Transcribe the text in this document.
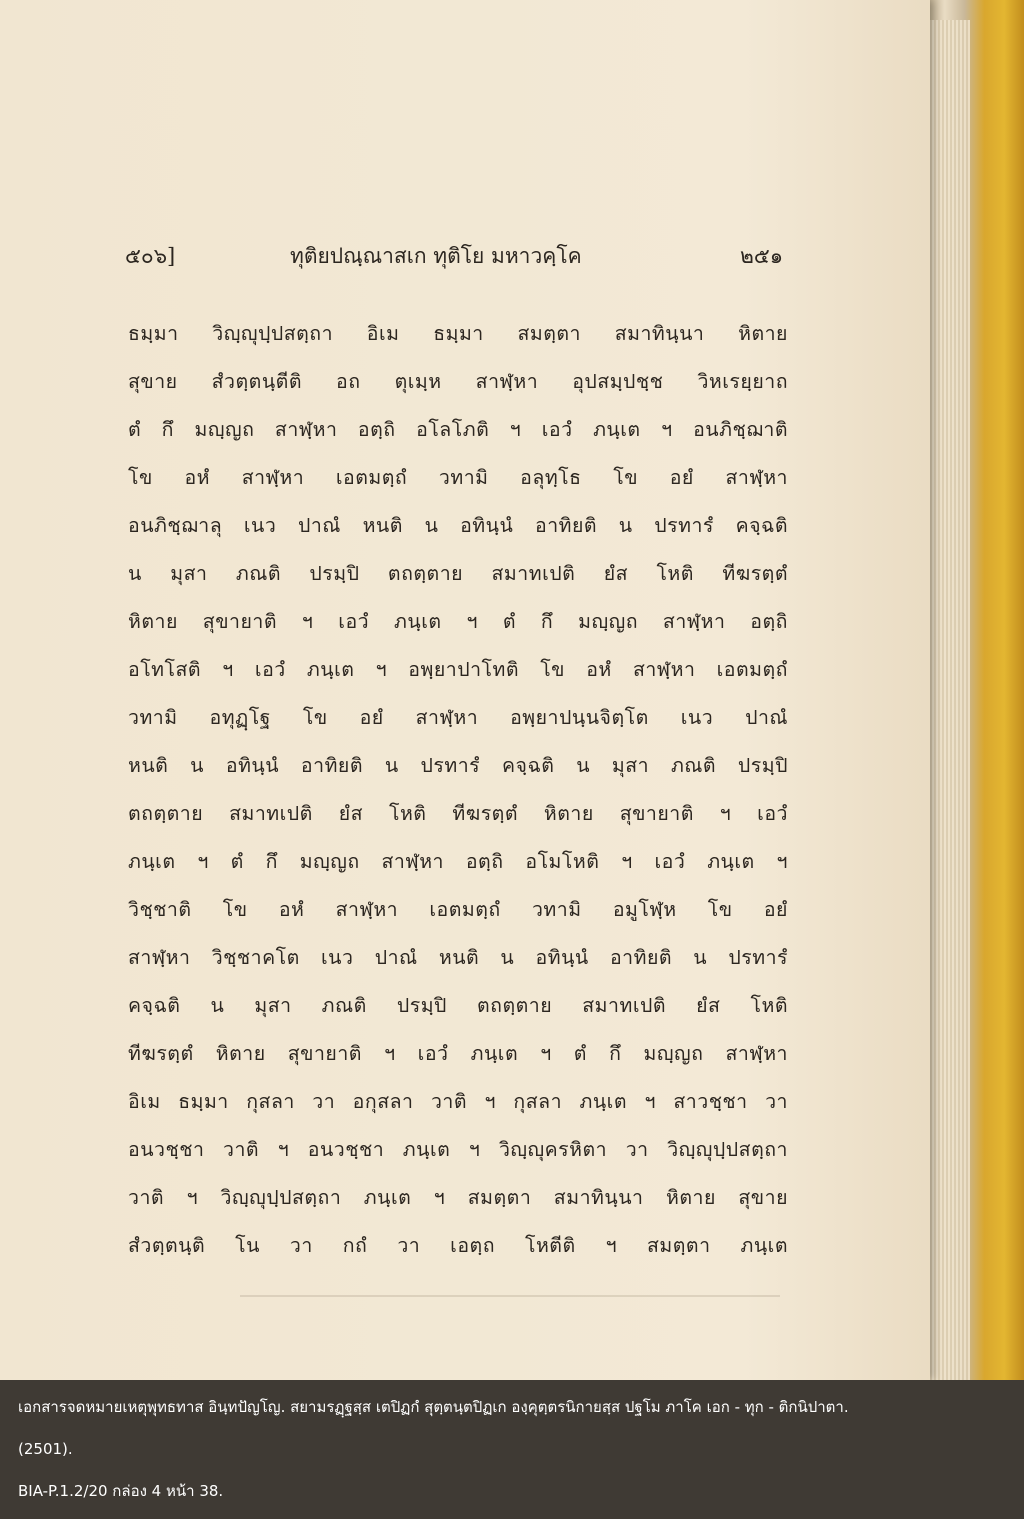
๕๐๖]	ทุติยปณฺณาสเก ทุติโย มหาวคฺโค	๒๕๑
ธมฺมา วิญฺญุปฺปสตฺถา อิเม ธมฺมา สมตฺตา สมาทินฺนา หิตาย
สุขาย สํวตฺตนฺตีติ อถ ตุเมฺห สาฬฺหา อุปสมฺปชฺช วิหเรยฺยาถ
ตํ กึ มญฺญถ สาฬฺหา อตฺถิ อโลโภติ ฯ เอวํ ภนฺเต ฯ อนภิชฺฌาติ
โข อหํ สาฬฺหา เอตมตฺถํ วทามิ อลุทฺโธ โข อยํ สาฬฺหา
อนภิชฺฌาลุ เนว ปาณํ หนติ น อทินฺนํ อาทิยติ น ปรทารํ คจฺฉติ
น มุสา ภณติ ปรมฺปิ ตถตฺตาย สมาทเปติ ยํส โหติ ทีฆรตฺตํ
หิตาย สุขายาติ ฯ เอวํ ภนฺเต ฯ ตํ กึ มญฺญถ สาฬฺหา อตฺถิ
อโทโสติ ฯ เอวํ ภนฺเต ฯ อพฺยาปาโทติ โข อหํ สาฬฺหา เอตมตฺถํ
วทามิ อทุฏฺโฐ โข อยํ สาฬฺหา อพฺยาปนฺนจิตฺโต เนว ปาณํ
หนติ น อทินฺนํ อาทิยติ น ปรทารํ คจฺฉติ น มุสา ภณติ ปรมฺปิ
ตถตฺตาย สมาทเปติ ยํส โหติ ทีฆรตฺตํ หิตาย สุขายาติ ฯ เอวํ
ภนฺเต ฯ ตํ กึ มญฺญถ สาฬฺหา อตฺถิ อโมโหติ ฯ เอวํ ภนฺเต ฯ
วิชฺชาติ โข อหํ สาฬฺหา เอตมตฺถํ วทามิ อมูโฬฺห โข อยํ
สาฬฺหา วิชฺชาคโต เนว ปาณํ หนติ น อทินฺนํ อาทิยติ น ปรทารํ
คจฺฉติ น มุสา ภณติ ปรมฺปิ ตถตฺตาย สมาทเปติ ยํส โหติ
ทีฆรตฺตํ หิตาย สุขายาติ ฯ เอวํ ภนฺเต ฯ ตํ กึ มญฺญถ สาฬฺหา
อิเม ธมฺมา กุสลา วา อกุสลา วาติ ฯ กุสลา ภนฺเต ฯ สาวชฺชา วา
อนวชฺชา วาติ ฯ อนวชฺชา ภนฺเต ฯ วิญฺญุครหิตา วา วิญฺญุปฺปสตฺถา
วาติ ฯ วิญฺญุปฺปสตฺถา ภนฺเต ฯ สมตฺตา สมาทินฺนา หิตาย สุขาย
สํวตฺตนฺติ โน วา กถํ วา เอตฺถ โหตีติ ฯ สมตฺตา ภนฺเต
เอกสารจดหมายเหตุพุทธทาส อินฺทปัญโญ. สยามรฏฺฐสฺส เตปิฏกํ สุตฺตนฺตปิฏเก องฺคุตฺตรนิกายสฺส ปฐโม ภาโค เอก - ทุก - ติกนิปาตา.
(2501).
BIA-P.1.2/20 กล่อง 4 หน้า 38.
